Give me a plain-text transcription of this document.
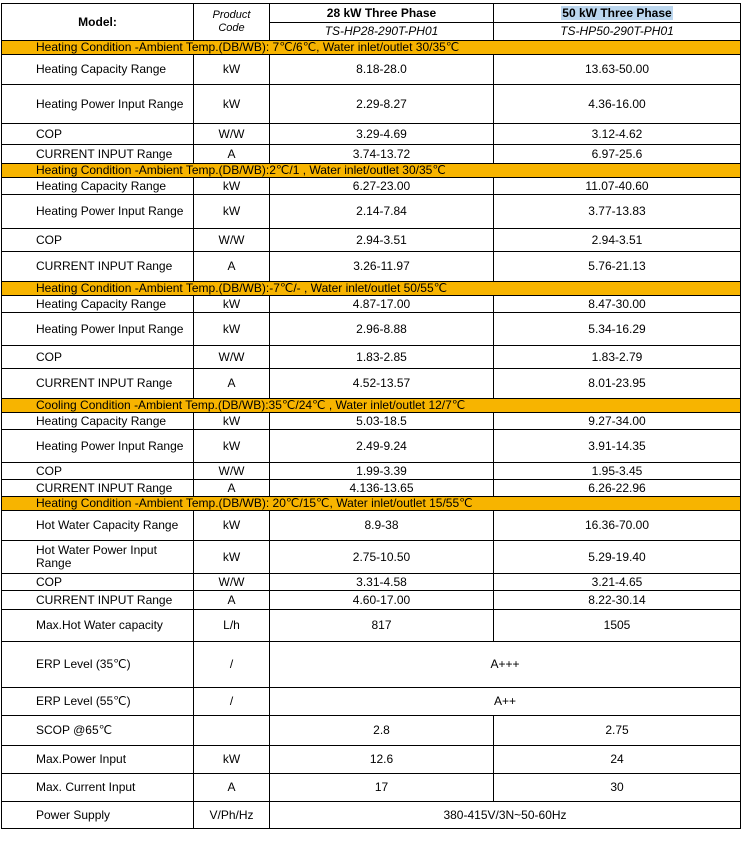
Model:	Product Code	28 kW Three Phase	50 kW Three Phase
		TS-HP28-290T-PH01	TS-HP50-290T-PH01
Heating Condition -Ambient Temp.(DB/WB): 7℃/6℃, Water inlet/outlet 30/35℃			
Heating Capacity Range	kW	8.18-28.0	13.63-50.00
Heating Power Input Range	kW	2.29-8.27	4.36-16.00
COP	W/W	3.29-4.69	3.12-4.62
CURRENT INPUT Range	A	3.74-13.72	6.97-25.6
Heating Condition -Ambient Temp.(DB/WB):2℃/1 , Water inlet/outlet 30/35℃			
Heating Capacity Range	kW	6.27-23.00	11.07-40.60
Heating Power Input Range	kW	2.14-7.84	3.77-13.83
COP	W/W	2.94-3.51	2.94-3.51
CURRENT INPUT Range	A	3.26-11.97	5.76-21.13
Heating Condition -Ambient Temp.(DB/WB):-7℃/- , Water inlet/outlet 50/55℃			
Heating Capacity Range	kW	4.87-17.00	8.47-30.00
Heating Power Input Range	kW	2.96-8.88	5.34-16.29
COP	W/W	1.83-2.85	1.83-2.79
CURRENT INPUT Range	A	4.52-13.57	8.01-23.95
Cooling Condition -Ambient Temp.(DB/WB):35℃/24℃ , Water inlet/outlet 12/7℃			
Heating Capacity Range	kW	5.03-18.5	9.27-34.00
Heating Power Input Range	kW	2.49-9.24	3.91-14.35
COP	W/W	1.99-3.39	1.95-3.45
CURRENT INPUT Range	A	4.136-13.65	6.26-22.96
Heating Condition -Ambient Temp.(DB/WB): 20℃/15℃, Water inlet/outlet 15/55℃			
Hot Water Capacity Range	kW	8.9-38	16.36-70.00
Hot Water Power Input Range	kW	2.75-10.50	5.29-19.40
COP	W/W	3.31-4.58	3.21-4.65
CURRENT INPUT Range	A	4.60-17.00	8.22-30.14
Max.Hot Water capacity	L/h	817	1505
ERP Level (35℃)	/	A+++	
ERP Level (55℃)	/	A++	
SCOP @65℃		2.8	2.75
Max.Power Input	kW	12.6	24
Max. Current Input	A	17	30
Power Supply	V/Ph/Hz	380-415V/3N~50-60Hz	
